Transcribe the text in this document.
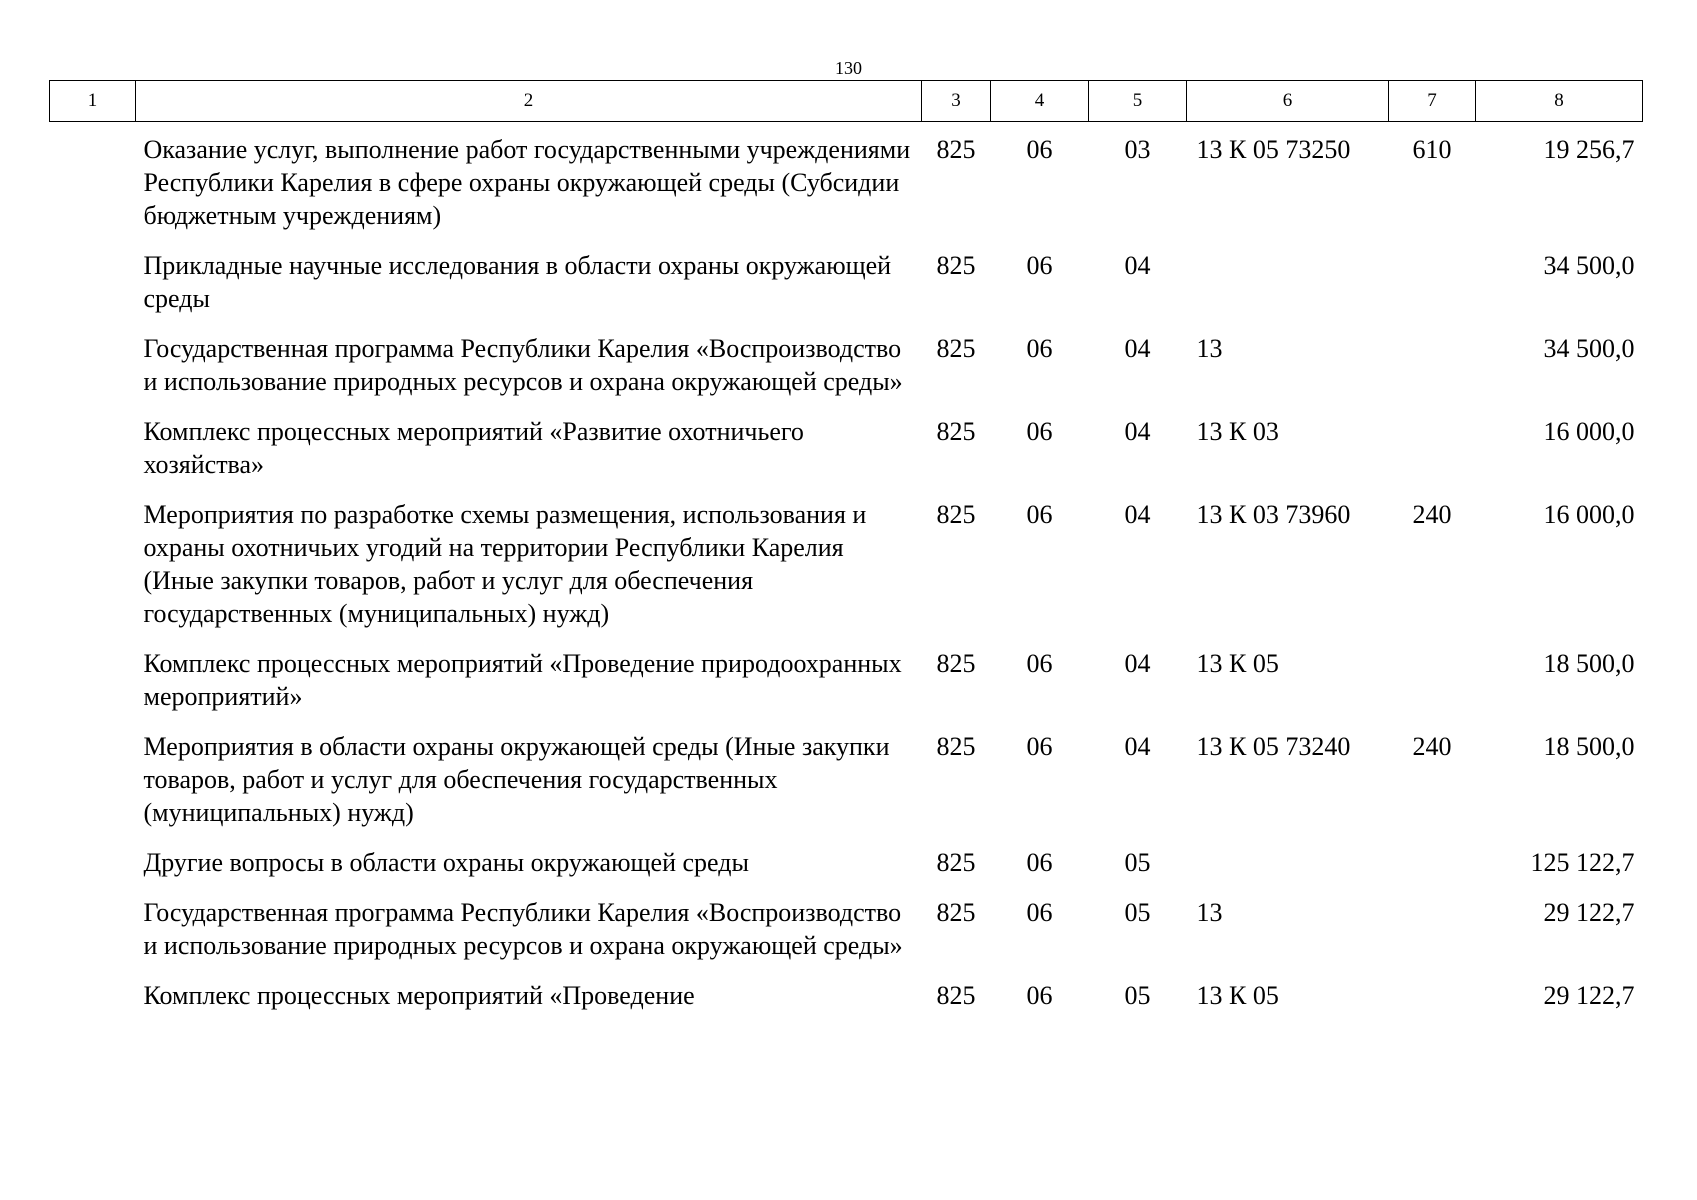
130
1	2	3	4	5	6	7	8
	Оказание услуг, выполнение работ государственными учреждениями Республики Карелия в сфере охраны окружающей среды (Субсидии бюджетным учреждениям)	825	06	03	13 К 05 73250	610	19 256,7
	Прикладные научные исследования в области охраны окружающей среды	825	06	04			34 500,0
	Государственная программа Республики Карелия «Воспроизводство и использование природных ресурсов и охрана окружающей среды»	825	06	04	13		34 500,0
	Комплекс процессных мероприятий «Развитие охотничьего хозяйства»	825	06	04	13 К 03		16 000,0
	Мероприятия по разработке схемы размещения, использования и охраны охотничьих угодий на территории Республики Карелия (Иные закупки товаров, работ и услуг для обеспечения государственных (муниципальных) нужд)	825	06	04	13 К 03 73960	240	16 000,0
	Комплекс процессных мероприятий «Проведение природоохранных мероприятий»	825	06	04	13 К 05		18 500,0
	Мероприятия в области охраны окружающей среды (Иные закупки товаров, работ и услуг для обеспечения государственных (муниципальных) нужд)	825	06	04	13 К 05 73240	240	18 500,0
	Другие вопросы в области охраны окружающей среды	825	06	05			125 122,7
	Государственная программа Республики Карелия «Воспроизводство и использование природных ресурсов и охрана окружающей среды»	825	06	05	13		29 122,7
	Комплекс процессных мероприятий «Проведение	825	06	05	13 К 05		29 122,7
